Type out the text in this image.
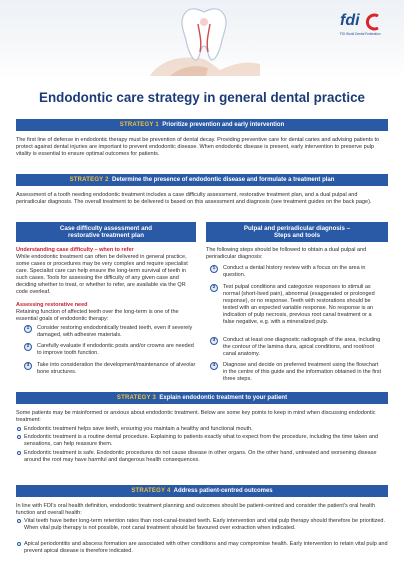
fdi
FDI World Dental Federation
Endodontic care strategy in general dental practice
STRATEGY 1 Prioritize prevention and early intervention
The first line of defense in endodontic therapy must be prevention of dental decay. Providing preventive care for dental caries and advising patients to protect against dental injuries are important to prevent endodontic disease. When endodontic disease is present, early intervention to preserve pulp vitality is essential to ensure optimal outcomes for patients.
STRATEGY 2 Determine the presence of endodontic disease and formulate a treatment plan
Assessment of a tooth needing endodontic treatment includes a case difficulty assessment, restorative treatment plan, and a dual pulpal and periradicular diagnosis. The overall treatment to be delivered is based on this assessment and diagnosis (see treatment guides on the back page).
Case difficulty assessment and
restorative treatment plan
Understanding case difficulty – when to refer
While endodontic treatment can often be delivered in general practice, some cases or procedures may be very complex and require specialist care. Specialist care can help ensure the long-term survival of teeth in such cases. Tools for assessing the difficulty of any given case and deciding whether to treat, or whether to refer, are available via the QR code overleaf.
Assessing restorative need
Retaining function of affected teeth over the long-term is one of the essential goals of endodontic therapy:
1	Consider restoring endodontically treated teeth, even if severely damaged, with adhesive materials.
2	Carefully evaluate if endodontic posts and/or crowns are needed to improve tooth function.
3	Take into consideration the development/maintenance of alveolar bone structures.
Pulpal and periradicular diagnosis –
Steps and tools
The following steps should be followed to obtain a dual pulpal and periradicular diagnosis:
1	Conduct a dental history review with a focus on the area in question.
2	Test pulpal conditions and categorize responses to stimuli as normal (short-lived pain), abnormal (exaggerated or prolonged response), or no response. Teeth with restorations should be tested with an expected variable response. No response is an indication of pulp necrosis, previous root canal treatment or a false negative, e.g. with a mineralized pulp.
3	Conduct at least one diagnostic radiograph of the area, including the contour of the lamina dura, apical conditions, and root/root canal anatomy.
4	Diagnose and decide on preferred treatment using the flowchart in the centre of this guide and the information obtained in the first three steps.
STRATEGY 3 Explain endodontic treatment to your patient
Some patients may be misinformed or anxious about endodontic treatment. Below are some key points to keep in mind when discussing endodontic treatment:
Endodontic treatment helps save teeth, ensuring you maintain a healthy and functional mouth.
Endodontic treatment is a routine dental procedure. Explaining to patients exactly what to expect from the procedure, including the time taken and sensations, can help reassure them.
Endodontic treatment is safe. Endodontic procedures do not cause disease in other organs. On the other hand, untreated and worsening disease around the root may have harmful and dangerous health consequences.
STRATEGY 4 Address patient-centred outcomes
In line with FDI's oral health definition, endodontic treatment planning and outcomes should be patient-centred and consider the patient's oral health function and overall health:
Vital teeth have better long-term retention rates than root-canal-treated teeth. Early intervention and vital pulp therapy should therefore be prioritized. When vital pulp therapy is not possible, root canal treatment should be favoured over extraction when indicated.
Apical periodontitis and abscess formation are associated with other conditions and may compromise health. Early intervention to retain vital pulp and prevent apical disease is therefore indicated.
